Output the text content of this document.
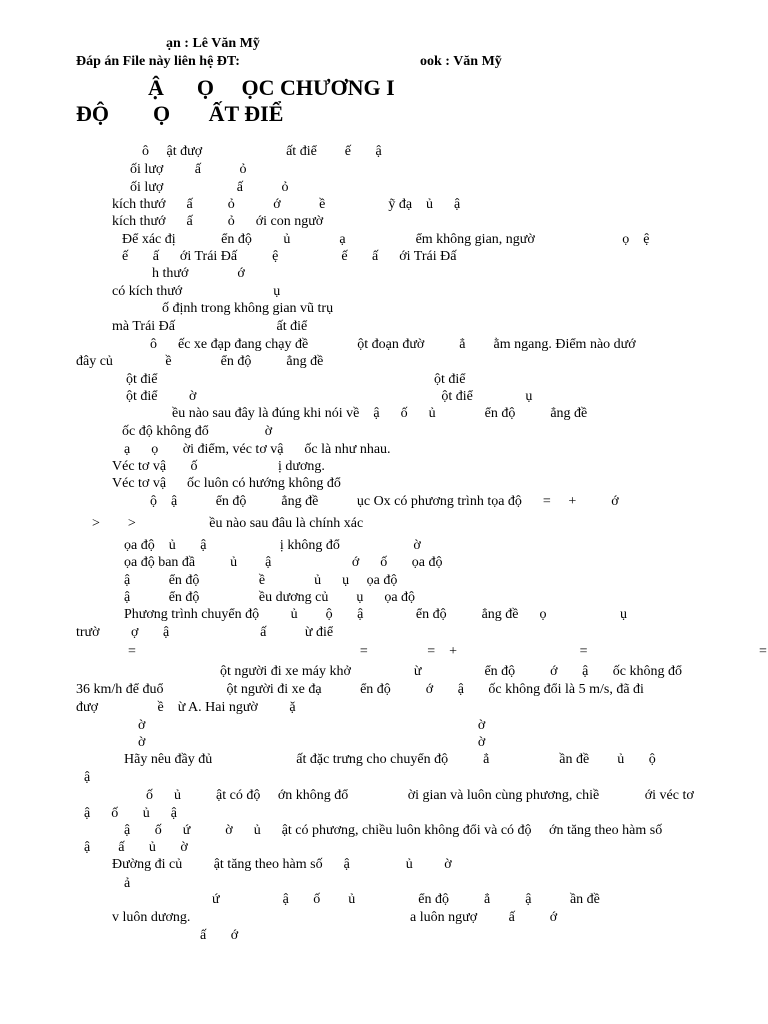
ạn : Lê Văn Mỹ
Đáp án File này liên hệ ĐT:	ook : Văn Mỹ
Ậ      Ọ     ỌC CHƯƠNG I
ĐỘ        Ọ       ẤT ĐIỂ
ô     ật đượ                        ất điể        ế       ậ
ối lượ         ấ           ỏ
ối lượ                     ấ           ỏ
kích thướ      ấ          ỏ           ớ           ề                  ỹ đạ    ủ      ậ
kích thướ      ấ          ỏ      ới con ngườ
Để xác đị             ển độ         ủ              ạ                    ểm không gian, ngườ                         ọ    ệ
ế       ấ      ới Trái Đấ          ệ                  ế       ấ      ới Trái Đấ
h thướ              ớ
có kích thướ                          ụ
ố định trong không gian vũ trụ
mà Trái Đấ                             ất điể
ô      ếc xe đạp đang chạy đề              ột đoạn đườ          ẳ        ằm ngang. Điểm nào dướ
đây củ               ề              ển độ          ẳng đề
ột điể                                                                               ột điể
ột điể         ờ                                                                      ột điể               ụ
ều nào sau đây là đúng khi nói về    ậ      ố      ủ              ển độ          ẳng đề
ốc độ không đổ                ờ
ạ      ọ       ời điểm, véc tơ vậ      ốc là như nhau.
Véc tơ vậ       ố                       ị dương.
Véc tơ vậ      ốc luôn có hướng không đổ
ộ    ậ           ển độ          ẳng đề           ục Ox có phương trình tọa độ      =     +          ớ
>        >                     ều nào sau đâu là chính xác
ọa độ    ủ       ậ                     ị không đổ                     ờ
ọa độ ban đầ          ủ        ậ                       ớ      ố       ọa độ
ậ           ển độ                 ề              ủ      ụ     ọa độ
ậ           ển độ                 ều dương củ        ụ      ọa độ
Phương trình chuyển độ         ủ        ộ       ậ               ển độ          ẳng đề      ọ                     ụ
trườ         ợ       ậ                          ấ           ừ điể
=                                                                =                 =    +                                   =                                                 =
ột người đi xe máy khở                  ừ                  ển độ          ớ       ậ       ốc không đổ
36 km/h để đuổ                  ột người đi xe đạ           ển độ          ớ       ậ       ốc không đổi là 5 m/s, đã đi
đượ                 ề    ừ A. Hai ngườ         ặ
ờ                                                                                               ờ
ờ                                                                                               ờ
Hãy nêu đầy đủ                        ất đặc trưng cho chuyển độ          ẳ                    ần đề        ủ       ộ
ậ
ố      ủ          ật có độ     ớn không đổ                 ời gian và luôn cùng phương, chiề             ới véc tơ
ậ      ố       ủ      ậ
ậ       ố      ứ          ờ      ủ      ật có phương, chiều luôn không đổi và có độ     ớn tăng theo hàm số
ậ        ấ       ủ       ờ
Đường đi củ         ật tăng theo hàm số      ậ                ủ         ờ
ả
ứ                  ậ       ố        ủ                  ển độ          ẳ          ậ           ần đề
v luôn dương.	a luôn ngượ         ấ          ớ
ấ       ớ
